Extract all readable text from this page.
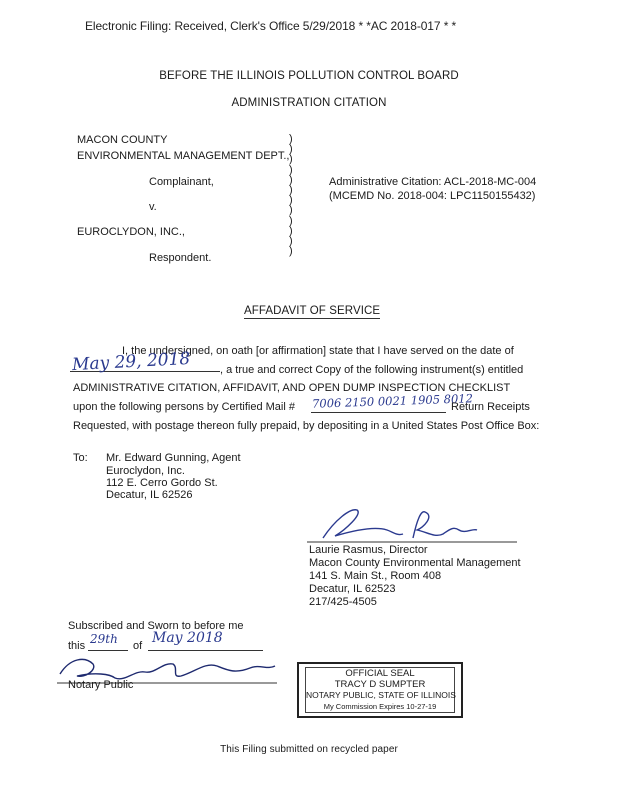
Electronic Filing: Received, Clerk's Office 5/29/2018 * *AC 2018-017 * *
BEFORE THE ILLINOIS POLLUTION CONTROL BOARD
ADMINISTRATION CITATION
MACON COUNTY
ENVIRONMENTAL MANAGEMENT DEPT.,
Complainant,
v.
EUROCLYDON, INC.,
Respondent.
)
)
)
)
)
)
)
)
)
)
)
)
Administrative Citation: ACL-2018-MC-004
(MCEMD No. 2018-004: LPC1150155432)
AFFADAVIT OF SERVICE
I, the undersigned, on oath [or affirmation] state that I have served on the date of
May 29, 2018	, a true and correct Copy of the following instrument(s) entitled
ADMINISTRATIVE CITATION, AFFIDAVIT, AND OPEN DUMP INSPECTION CHECKLIST
upon the following persons by Certified Mail # 7006 2150 0021 1905 8012
Return Receipts
Requested, with postage thereon fully prepaid, by depositing in a United States Post Office Box:
To: Mr. Edward Gunning, Agent
Euroclydon, Inc.
112 E. Cerro Gordo St.
Decatur, IL 62526
Laurie Rasmus, Director
Macon County Environmental Management
141 S. Main St., Room 408
Decatur, IL 62523
217/425-4505
Subscribed and Sworn to before me
this 29th of May 2018
Notary Public
OFFICIAL SEAL
TRACY D SUMPTER
NOTARY PUBLIC, STATE OF ILLINOIS
My Commission Expires 10-27-19
This Filing submitted on recycled paper
